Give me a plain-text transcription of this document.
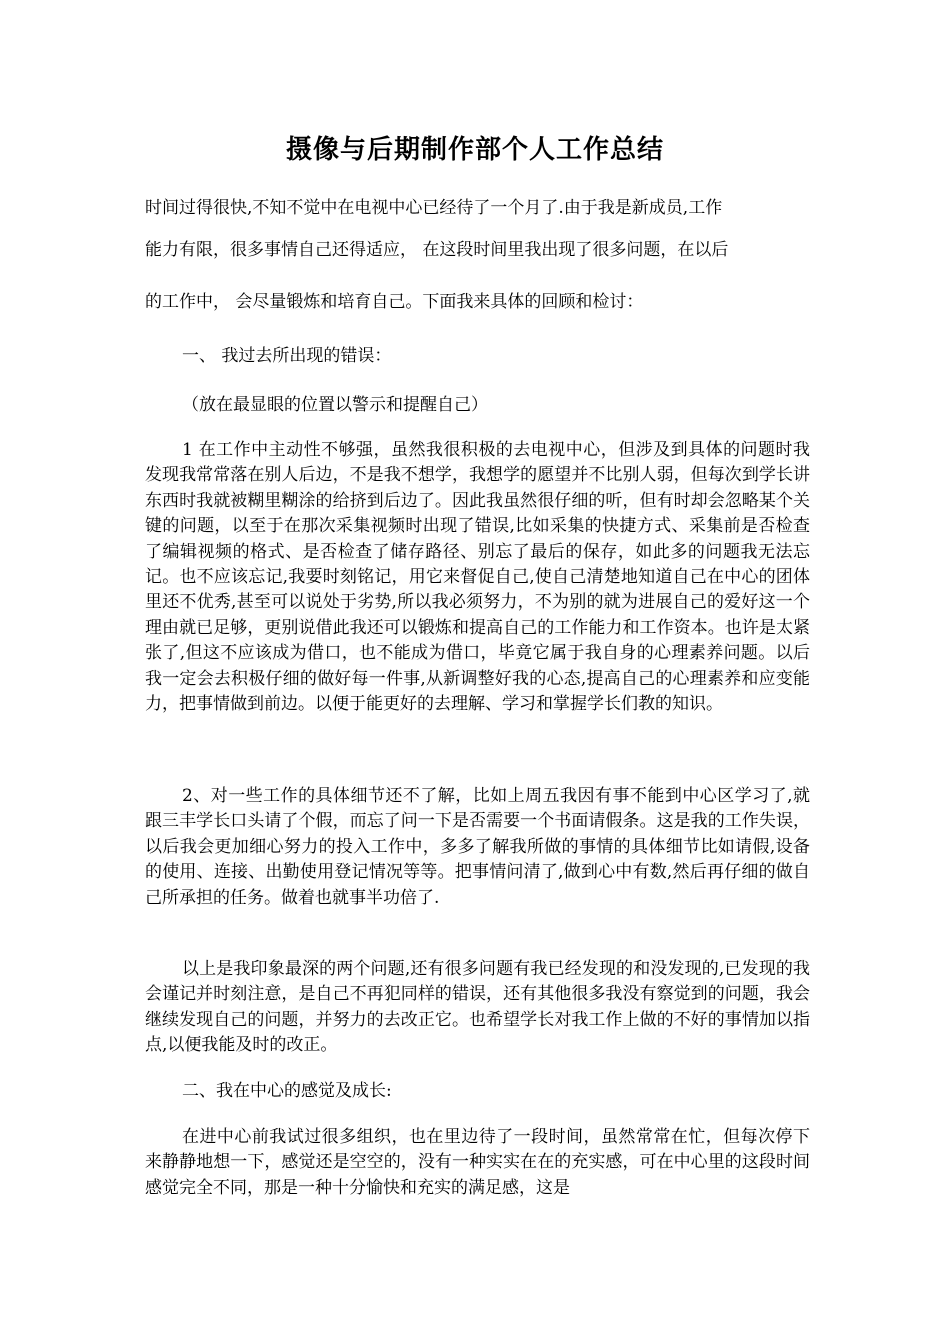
摄像与后期制作部个人工作总结
时间过得很快,不知不觉中在电视中心已经待了一个月了.由于我是新成员,工作
能力有限，很多事情自己还得适应， 在这段时间里我出现了很多问题，在以后
的工作中， 会尽量锻炼和培育自己。下面我来具体的回顾和检讨：

一、 我过去所出现的错误：

（放在最显眼的位置以警示和提醒自己）

1 在工作中主动性不够强，虽然我很积极的去电视中心，但涉及到具体的问题时我发现我常常落在别人后边，不是我不想学，我想学的愿望并不比别人弱，但每次到学长讲东西时我就被糊里糊涂的给挤到后边了。因此我虽然很仔细的听，但有时却会忽略某个关键的问题，以至于在那次采集视频时出现了错误,比如采集的快捷方式、采集前是否检查了编辑视频的格式、是否检查了储存路径、别忘了最后的保存，如此多的问题我无法忘记。也不应该忘记,我要时刻铭记，用它来督促自己,使自己清楚地知道自己在中心的团体里还不优秀,甚至可以说处于劣势,所以我必须努力，不为别的就为进展自己的爱好这一个理由就已足够，更别说借此我还可以锻炼和提高自己的工作能力和工作资本。也许是太紧张了,但这不应该成为借口，也不能成为借口，毕竟它属于我自身的心理素养问题。以后我一定会去积极仔细的做好每一件事,从新调整好我的心态,提高自己的心理素养和应变能力，把事情做到前边。以便于能更好的去理解、学习和掌握学长们教的知识。

2、对一些工作的具体细节还不了解，比如上周五我因有事不能到中心区学习了,就跟三丰学长口头请了个假，而忘了问一下是否需要一个书面请假条。这是我的工作失误，以后我会更加细心努力的投入工作中，多多了解我所做的事情的具体细节比如请假,设备的使用、连接、出勤使用登记情况等等。把事情问清了,做到心中有数,然后再仔细的做自己所承担的任务。做着也就事半功倍了.

以上是我印象最深的两个问题,还有很多问题有我已经发现的和没发现的,已发现的我会谨记并时刻注意，是自己不再犯同样的错误，还有其他很多我没有察觉到的问题，我会继续发现自己的问题，并努力的去改正它。也希望学长对我工作上做的不好的事情加以指点,以便我能及时的改正。

二、我在中心的感觉及成长:

在进中心前我试过很多组织，也在里边待了一段时间，虽然常常在忙，但每次停下来静静地想一下，感觉还是空空的，没有一种实实在在的充实感，可在中心里的这段时间感觉完全不同，那是一种十分愉快和充实的满足感，这是
